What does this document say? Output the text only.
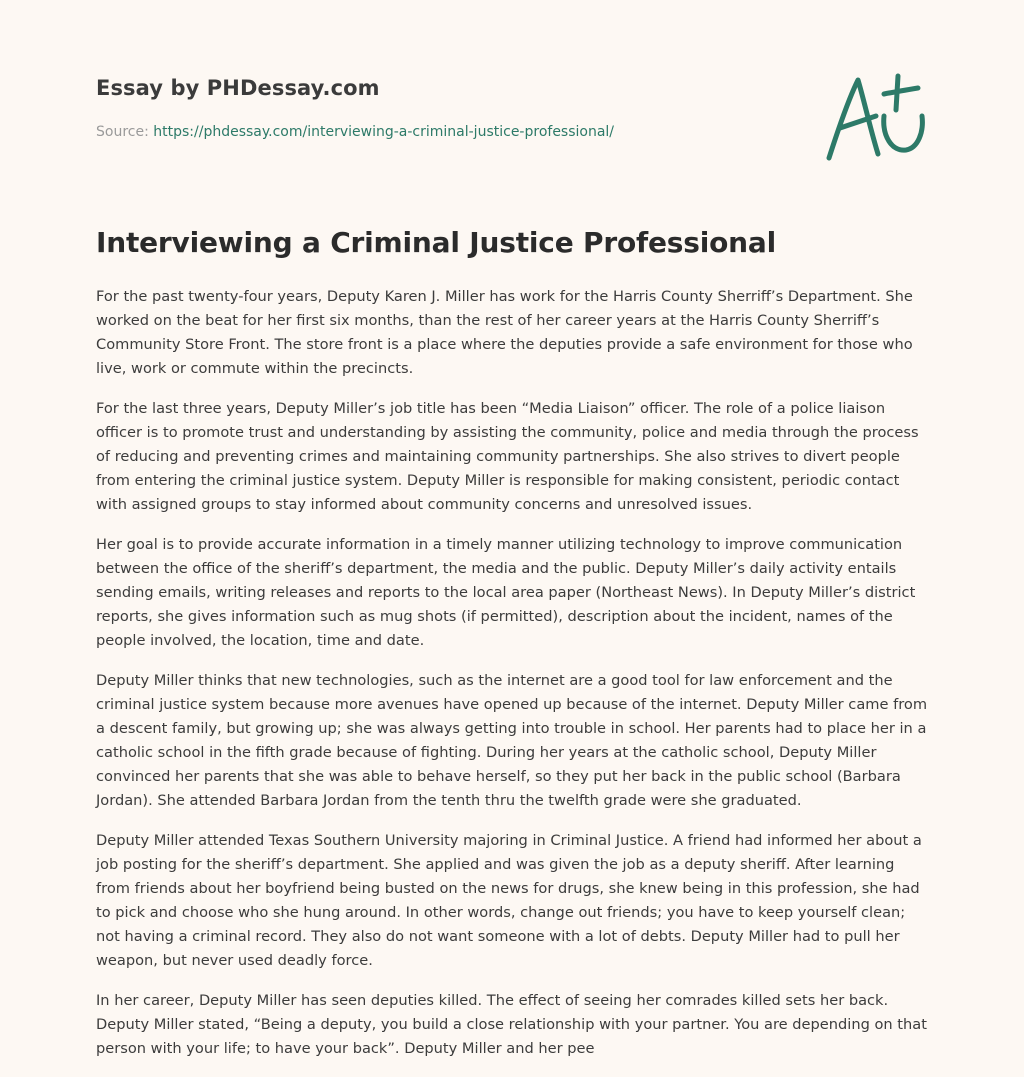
Essay by PHDessay.com
Source: https://phdessay.com/interviewing-a-criminal-justice-professional/
Interviewing a Criminal Justice Professional

For the past twenty-four years, Deputy Karen J. Miller has work for the Harris County Sherriff’s Department. She worked on the beat for her first six months, than the rest of her career years at the Harris County Sherriff’s Community Store Front. The store front is a place where the deputies provide a safe environment for those who live, work or commute within the precincts.

For the last three years, Deputy Miller’s job title has been “Media Liaison” officer. The role of a police liaison officer is to promote trust and understanding by assisting the community, police and media through the process of reducing and preventing crimes and maintaining community partnerships. She also strives to divert people from entering the criminal justice system. Deputy Miller is responsible for making consistent, periodic contact with assigned groups to stay informed about community concerns and unresolved issues.

Her goal is to provide accurate information in a timely manner utilizing technology to improve communication between the office of the sheriff’s department, the media and the public. Deputy Miller’s daily activity entails sending emails, writing releases and reports to the local area paper (Northeast News). In Deputy Miller’s district reports, she gives information such as mug shots (if permitted), description about the incident, names of the people involved, the location, time and date.

Deputy Miller thinks that new technologies, such as the internet are a good tool for law enforcement and the criminal justice system because more avenues have opened up because of the internet. Deputy Miller came from a descent family, but growing up; she was always getting into trouble in school. Her parents had to place her in a catholic school in the fifth grade because of fighting. During her years at the catholic school, Deputy Miller convinced her parents that she was able to behave herself, so they put her back in the public school (Barbara Jordan). She attended Barbara Jordan from the tenth thru the twelfth grade were she graduated.

Deputy Miller attended Texas Southern University majoring in Criminal Justice. A friend had informed her about a job posting for the sheriff’s department. She applied and was given the job as a deputy sheriff. After learning from friends about her boyfriend being busted on the news for drugs, she knew being in this profession, she had to pick and choose who she hung around. In other words, change out friends; you have to keep yourself clean; not having a criminal record. They also do not want someone with a lot of debts. Deputy Miller had to pull her weapon, but never used deadly force.

In her career, Deputy Miller has seen deputies killed. The effect of seeing her comrades killed sets her back. Deputy Miller stated, “Being a deputy, you build a close relationship with your partner. You are depending on that person with your life; to have your back”. Deputy Miller and her pee
